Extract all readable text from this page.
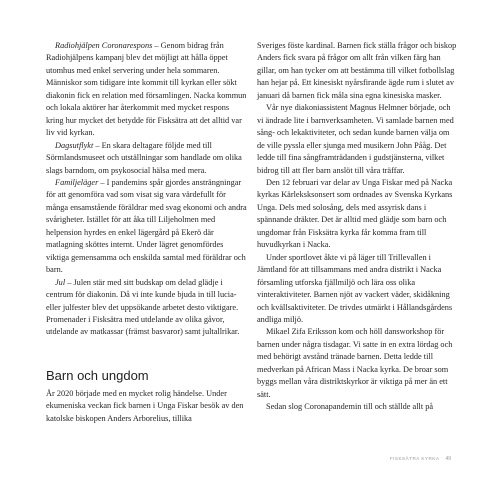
Radiohjälpen Coronarespons – Genom bidrag från Radiohjälpens kampanj blev det möjligt att hålla öppet utomhus med enkel servering under hela sommaren. Människor som tidigare inte kommit till kyrkan eller sökt diakonin fick en relation med församlingen. Nacka kommun och lokala aktörer har återkommit med mycket respons kring hur mycket det betydde för Fisksätra att det alltid var liv vid kyrkan.

Dagsutflykt – En skara deltagare följde med till Sörmlandsmuseet och utställningar som handlade om olika slags barndom, om psykosocial hälsa med mera.

Familjeläger – I pandemins spår gjordes ansträngningar för att genomföra vad som visat sig vara värdefullt för många ensamstående föräldrar med svag ekonomi och andra svårigheter. Istället för att åka till Liljeholmen med helpension hyrdes en enkel lägergård på Ekerö där matlagning sköttes internt. Under lägret genomfördes viktiga gemensamma och enskilda samtal med föräldrar och barn.

Jul – Julen stär med sitt budskap om delad glädje i centrum för diakonin. Då vi inte kunde bjuda in till lucia- eller julfester blev det uppsökande arbetet desto viktigare. Promenader i Fisksätra med utdelande av olika gåvor, utdelande av matkassar (främst basvaror) samt jultallrikar.

Barn och ungdom

År 2020 började med en mycket rolig händelse. Under ekumeniska veckan fick barnen i Unga Fiskar besök av den katolske biskopen Anders Arborelius, tillika

Sveriges föste kardinal. Barnen fick ställa frågor och biskop Anders fick svara på frågor om allt från vilken färg han gillar, om han tycker om att bestämma till vilket fotbollslag han hejar på. Ett kinesiskt nyårsfirande ägde rum i slutet av januari då barnen fick måla sina egna kinesiska masker.

Vår nye diakoniassistent Magnus Helmner började, och vi ändrade lite i barnverksamheten. Vi samlade barnen med sång- och lekaktiviteter, och sedan kunde barnen välja om de ville pyssla eller sjunga med musikern John Pååg. Det ledde till fina sångframträdanden i gudstjänsterna, vilket bidrog till att fler barn anslöt till våra träffar.

Den 12 februari var delar av Unga Fiskar med på Nacka kyrkas Kärleksksonsert som ordnades av Svenska Kyrkans Unga. Dels med solosång, dels med assyrisk dans i spännande dräkter. Det är alltid med glädje som barn och ungdomar från Fisksätra kyrka får komma fram till huvudkyrkan i Nacka.

Under sportlovet åkte vi på läger till Trillevallen i Jämtland för att tillsammans med andra distrikt i Nacka församling utforska fjällmiljö och lära oss olika vinteraktiviteter. Barnen njöt av vackert väder, skidåkning och kvällsaktiviteter. De trivdes utmärkt i Hållandsgårdens andliga miljö.

Mikael Zifa Eriksson kom och höll dansworkshop för barnen under några tisdagar. Vi satte in en extra lördag och med behörigt avstånd tränade barnen. Detta ledde till medverkan på African Mass i Nacka kyrka. De broar som byggs mellan våra distriktskyrkor är viktiga på mer än ett sätt.

Sedan slog Coronapandemin till och ställde allt på

FISKSÄTRA KYRKA 49
